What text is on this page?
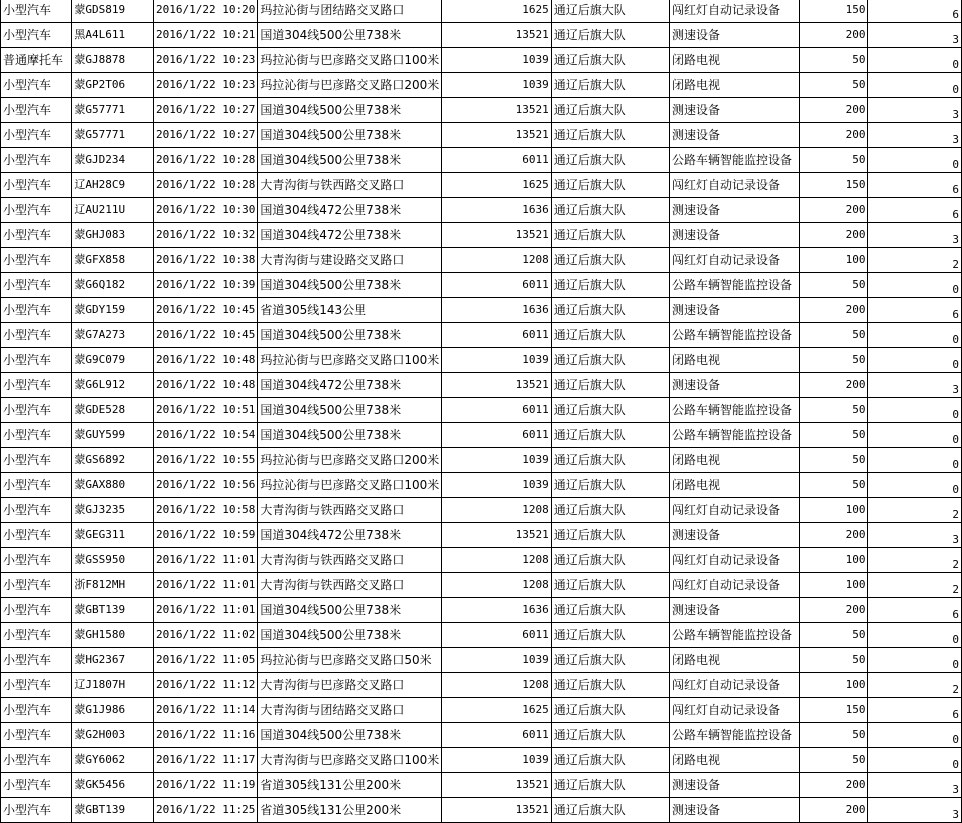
小型汽车	蒙GDS819	2016/1/22 10:20	玛拉沁街与团结路交叉路口	1625	通辽后旗大队	闯红灯自动记录设备	150	6
小型汽车	黑A4L611	2016/1/22 10:21	国道304线500公里738米	13521	通辽后旗大队	测速设备	200	3
普通摩托车	蒙GJ8878	2016/1/22 10:23	玛拉沁街与巴彦路交叉路口100米	1039	通辽后旗大队	闭路电视	50	0
小型汽车	蒙GP2T06	2016/1/22 10:23	玛拉沁街与巴彦路交叉路口200米	1039	通辽后旗大队	闭路电视	50	0
小型汽车	蒙G57771	2016/1/22 10:27	国道304线500公里738米	13521	通辽后旗大队	测速设备	200	3
小型汽车	蒙G57771	2016/1/22 10:27	国道304线500公里738米	13521	通辽后旗大队	测速设备	200	3
小型汽车	蒙GJD234	2016/1/22 10:28	国道304线500公里738米	6011	通辽后旗大队	公路车辆智能监控设备	50	0
小型汽车	辽AH28C9	2016/1/22 10:28	大青沟街与铁西路交叉路口	1625	通辽后旗大队	闯红灯自动记录设备	150	6
小型汽车	辽AU211U	2016/1/22 10:30	国道304线472公里738米	1636	通辽后旗大队	测速设备	200	6
小型汽车	蒙GHJ083	2016/1/22 10:32	国道304线472公里738米	13521	通辽后旗大队	测速设备	200	3
小型汽车	蒙GFX858	2016/1/22 10:38	大青沟街与建设路交叉路口	1208	通辽后旗大队	闯红灯自动记录设备	100	2
小型汽车	蒙G6Q182	2016/1/22 10:39	国道304线500公里738米	6011	通辽后旗大队	公路车辆智能监控设备	50	0
小型汽车	蒙GDY159	2016/1/22 10:45	省道305线143公里	1636	通辽后旗大队	测速设备	200	6
小型汽车	蒙G7A273	2016/1/22 10:45	国道304线500公里738米	6011	通辽后旗大队	公路车辆智能监控设备	50	0
小型汽车	蒙G9C079	2016/1/22 10:48	玛拉沁街与巴彦路交叉路口100米	1039	通辽后旗大队	闭路电视	50	0
小型汽车	蒙G6L912	2016/1/22 10:48	国道304线472公里738米	13521	通辽后旗大队	测速设备	200	3
小型汽车	蒙GDE528	2016/1/22 10:51	国道304线500公里738米	6011	通辽后旗大队	公路车辆智能监控设备	50	0
小型汽车	蒙GUY599	2016/1/22 10:54	国道304线500公里738米	6011	通辽后旗大队	公路车辆智能监控设备	50	0
小型汽车	蒙GS6892	2016/1/22 10:55	玛拉沁街与巴彦路交叉路口200米	1039	通辽后旗大队	闭路电视	50	0
小型汽车	蒙GAX880	2016/1/22 10:56	玛拉沁街与巴彦路交叉路口100米	1039	通辽后旗大队	闭路电视	50	0
小型汽车	蒙GJ3235	2016/1/22 10:58	大青沟街与铁西路交叉路口	1208	通辽后旗大队	闯红灯自动记录设备	100	2
小型汽车	蒙GEG311	2016/1/22 10:59	国道304线472公里738米	13521	通辽后旗大队	测速设备	200	3
小型汽车	蒙GSS950	2016/1/22 11:01	大青沟街与铁西路交叉路口	1208	通辽后旗大队	闯红灯自动记录设备	100	2
小型汽车	浙F812MH	2016/1/22 11:01	大青沟街与铁西路交叉路口	1208	通辽后旗大队	闯红灯自动记录设备	100	2
小型汽车	蒙GBT139	2016/1/22 11:01	国道304线500公里738米	1636	通辽后旗大队	测速设备	200	6
小型汽车	蒙GH1580	2016/1/22 11:02	国道304线500公里738米	6011	通辽后旗大队	公路车辆智能监控设备	50	0
小型汽车	蒙HG2367	2016/1/22 11:05	玛拉沁街与巴彦路交叉路口50米	1039	通辽后旗大队	闭路电视	50	0
小型汽车	辽J1807H	2016/1/22 11:12	大青沟街与巴彦路交叉路口	1208	通辽后旗大队	闯红灯自动记录设备	100	2
小型汽车	蒙G1J986	2016/1/22 11:14	大青沟街与团结路交叉路口	1625	通辽后旗大队	闯红灯自动记录设备	150	6
小型汽车	蒙G2H003	2016/1/22 11:16	国道304线500公里738米	6011	通辽后旗大队	公路车辆智能监控设备	50	0
小型汽车	蒙GY6062	2016/1/22 11:17	大青沟街与巴彦路交叉路口100米	1039	通辽后旗大队	闭路电视	50	0
小型汽车	蒙GK5456	2016/1/22 11:19	省道305线131公里200米	13521	通辽后旗大队	测速设备	200	3
小型汽车	蒙GBT139	2016/1/22 11:25	省道305线131公里200米	13521	通辽后旗大队	测速设备	200	3
